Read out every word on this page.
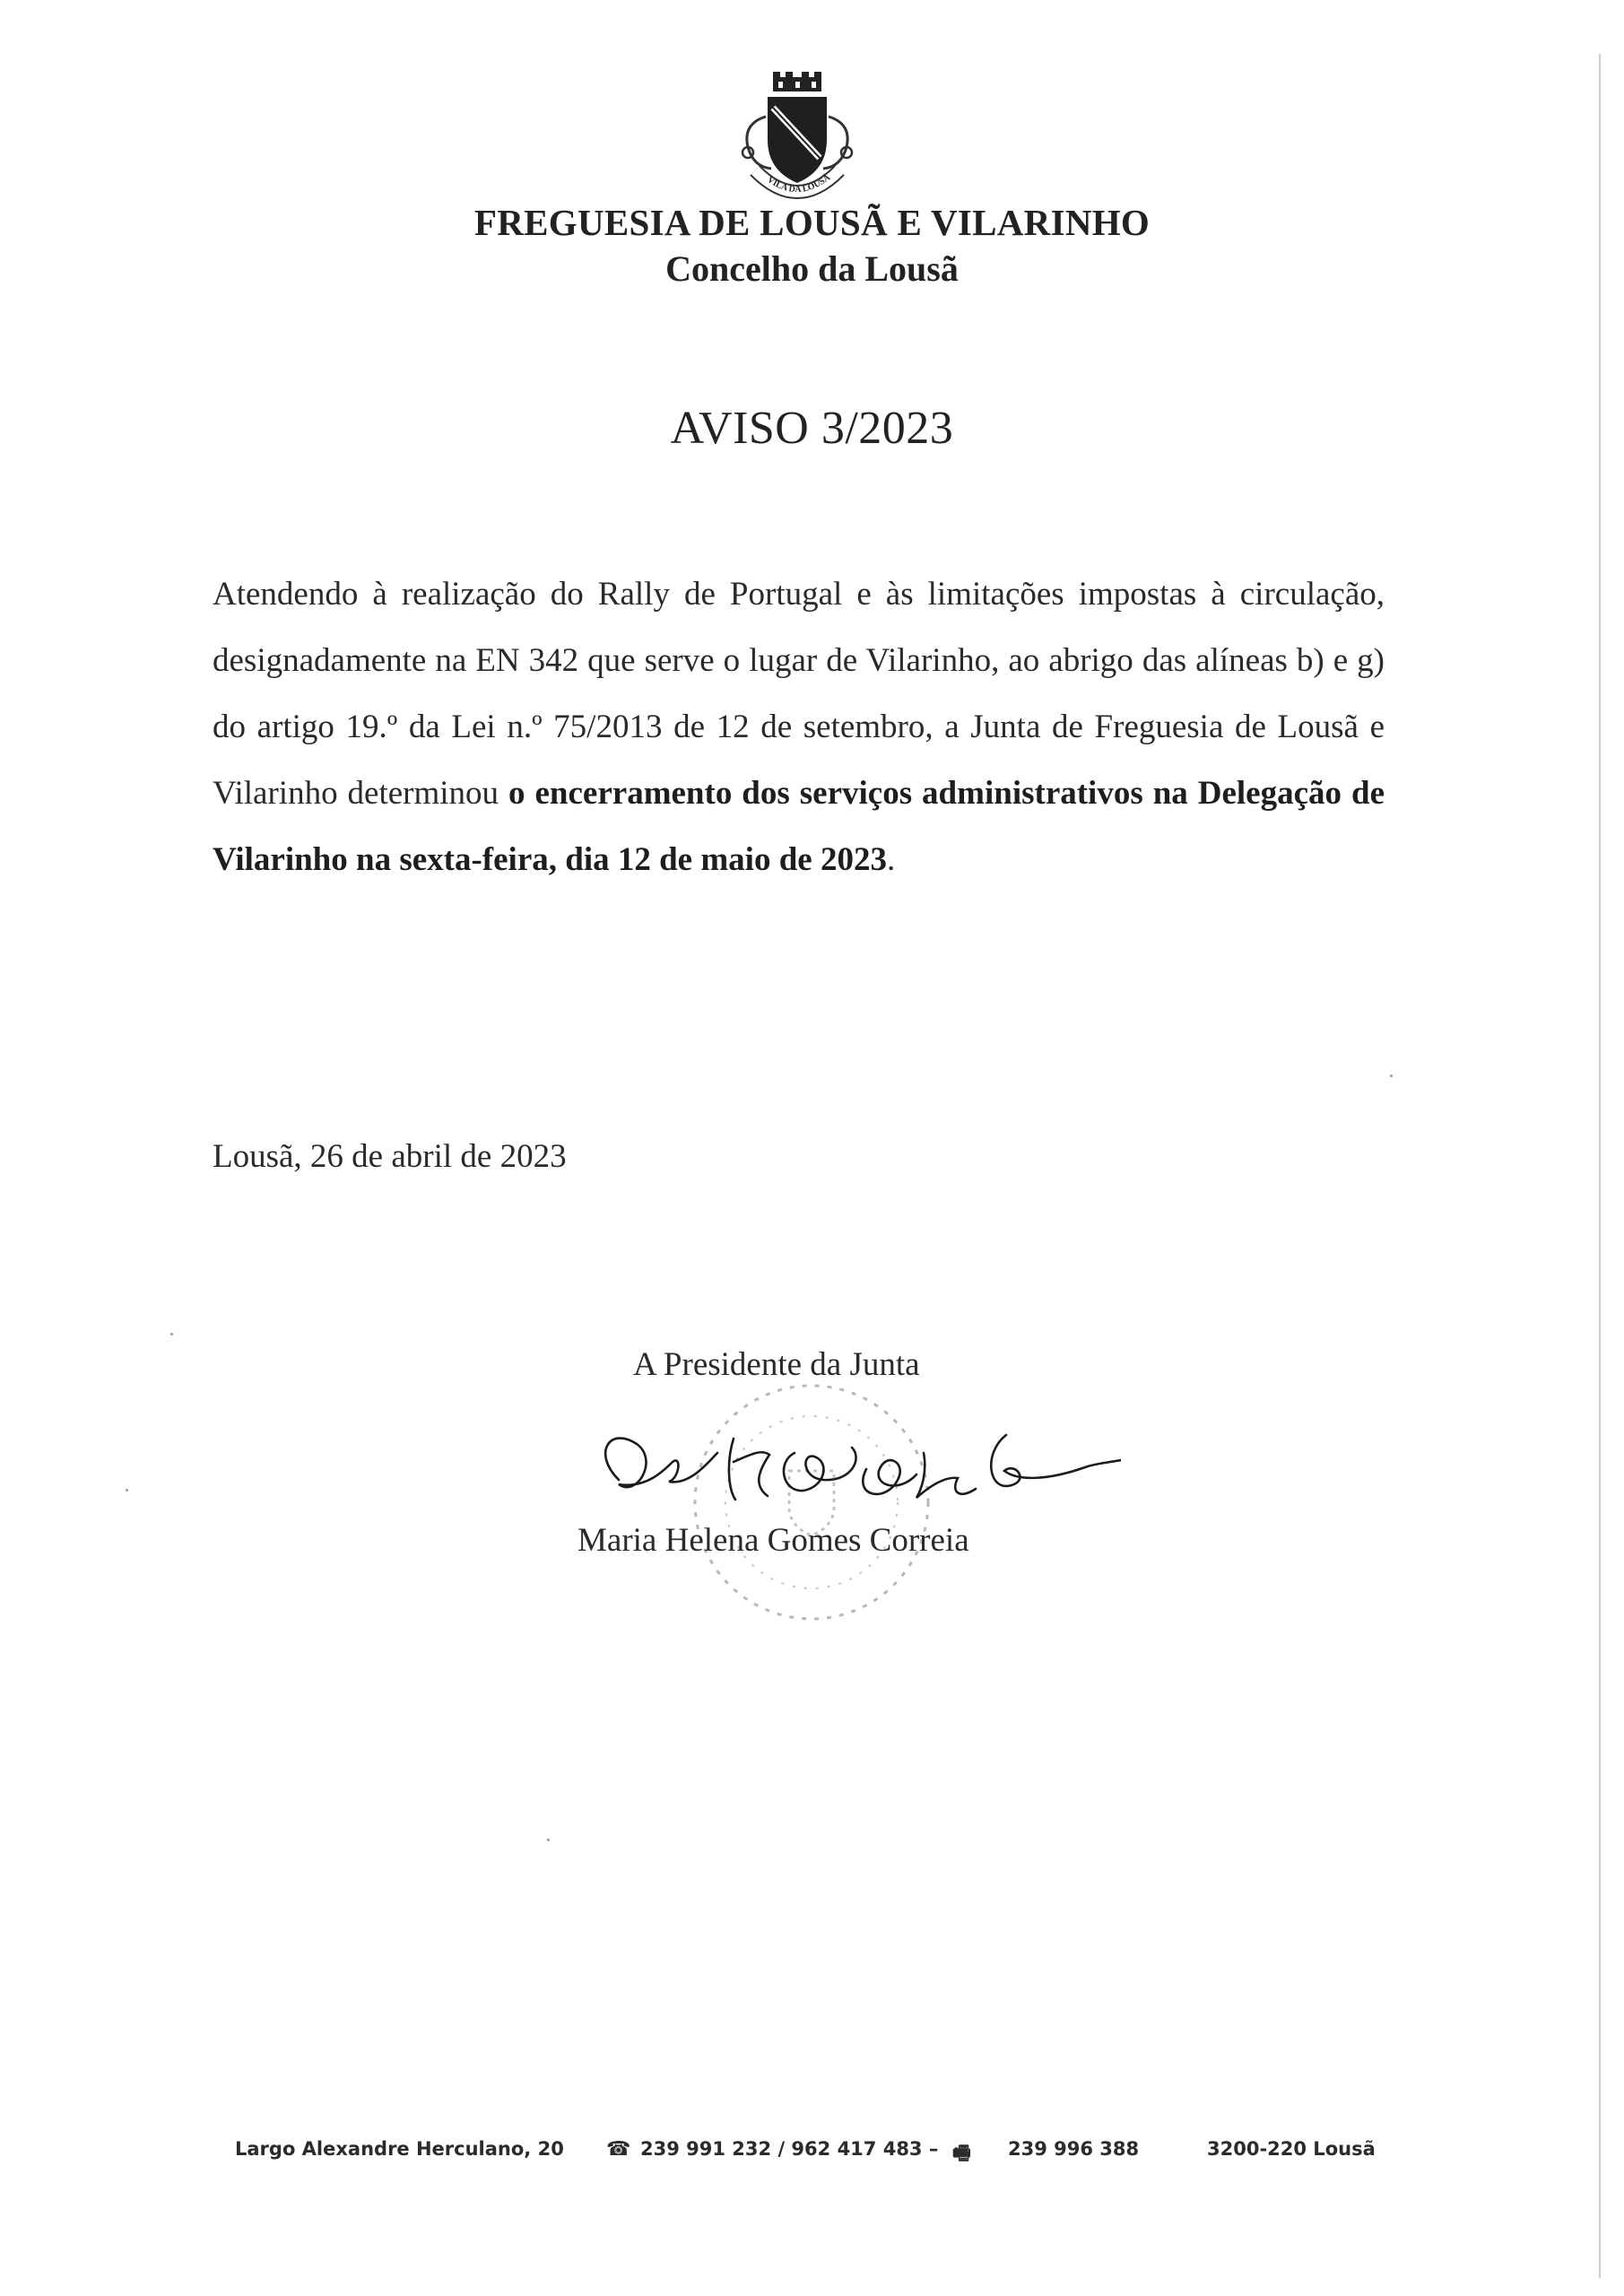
VILA DA LOUSÃ
FREGUESIA DE LOUSÃ E VILARINHO
Concelho da Lousã
AVISO 3/2023
Atendendo à realização do Rally de Portugal e às limitações impostas à circulação, designadamente na EN 342 que serve o lugar de Vilarinho, ao abrigo das alíneas b) e g) do artigo 19.º da Lei n.º 75/2013 de 12 de setembro, a Junta de Freguesia de Lousã e Vilarinho determinou o encerramento dos serviços administrativos na Delegação de Vilarinho na sexta-feira, dia 12 de maio de 2023.
Lousã, 26 de abril de 2023
A Presidente da Junta
Maria Helena Gomes Correia
Largo Alexandre Herculano, 20 ☎ 239 991 232 / 962 417 483 – 🖷 239 996 388	3200-220 Lousã
